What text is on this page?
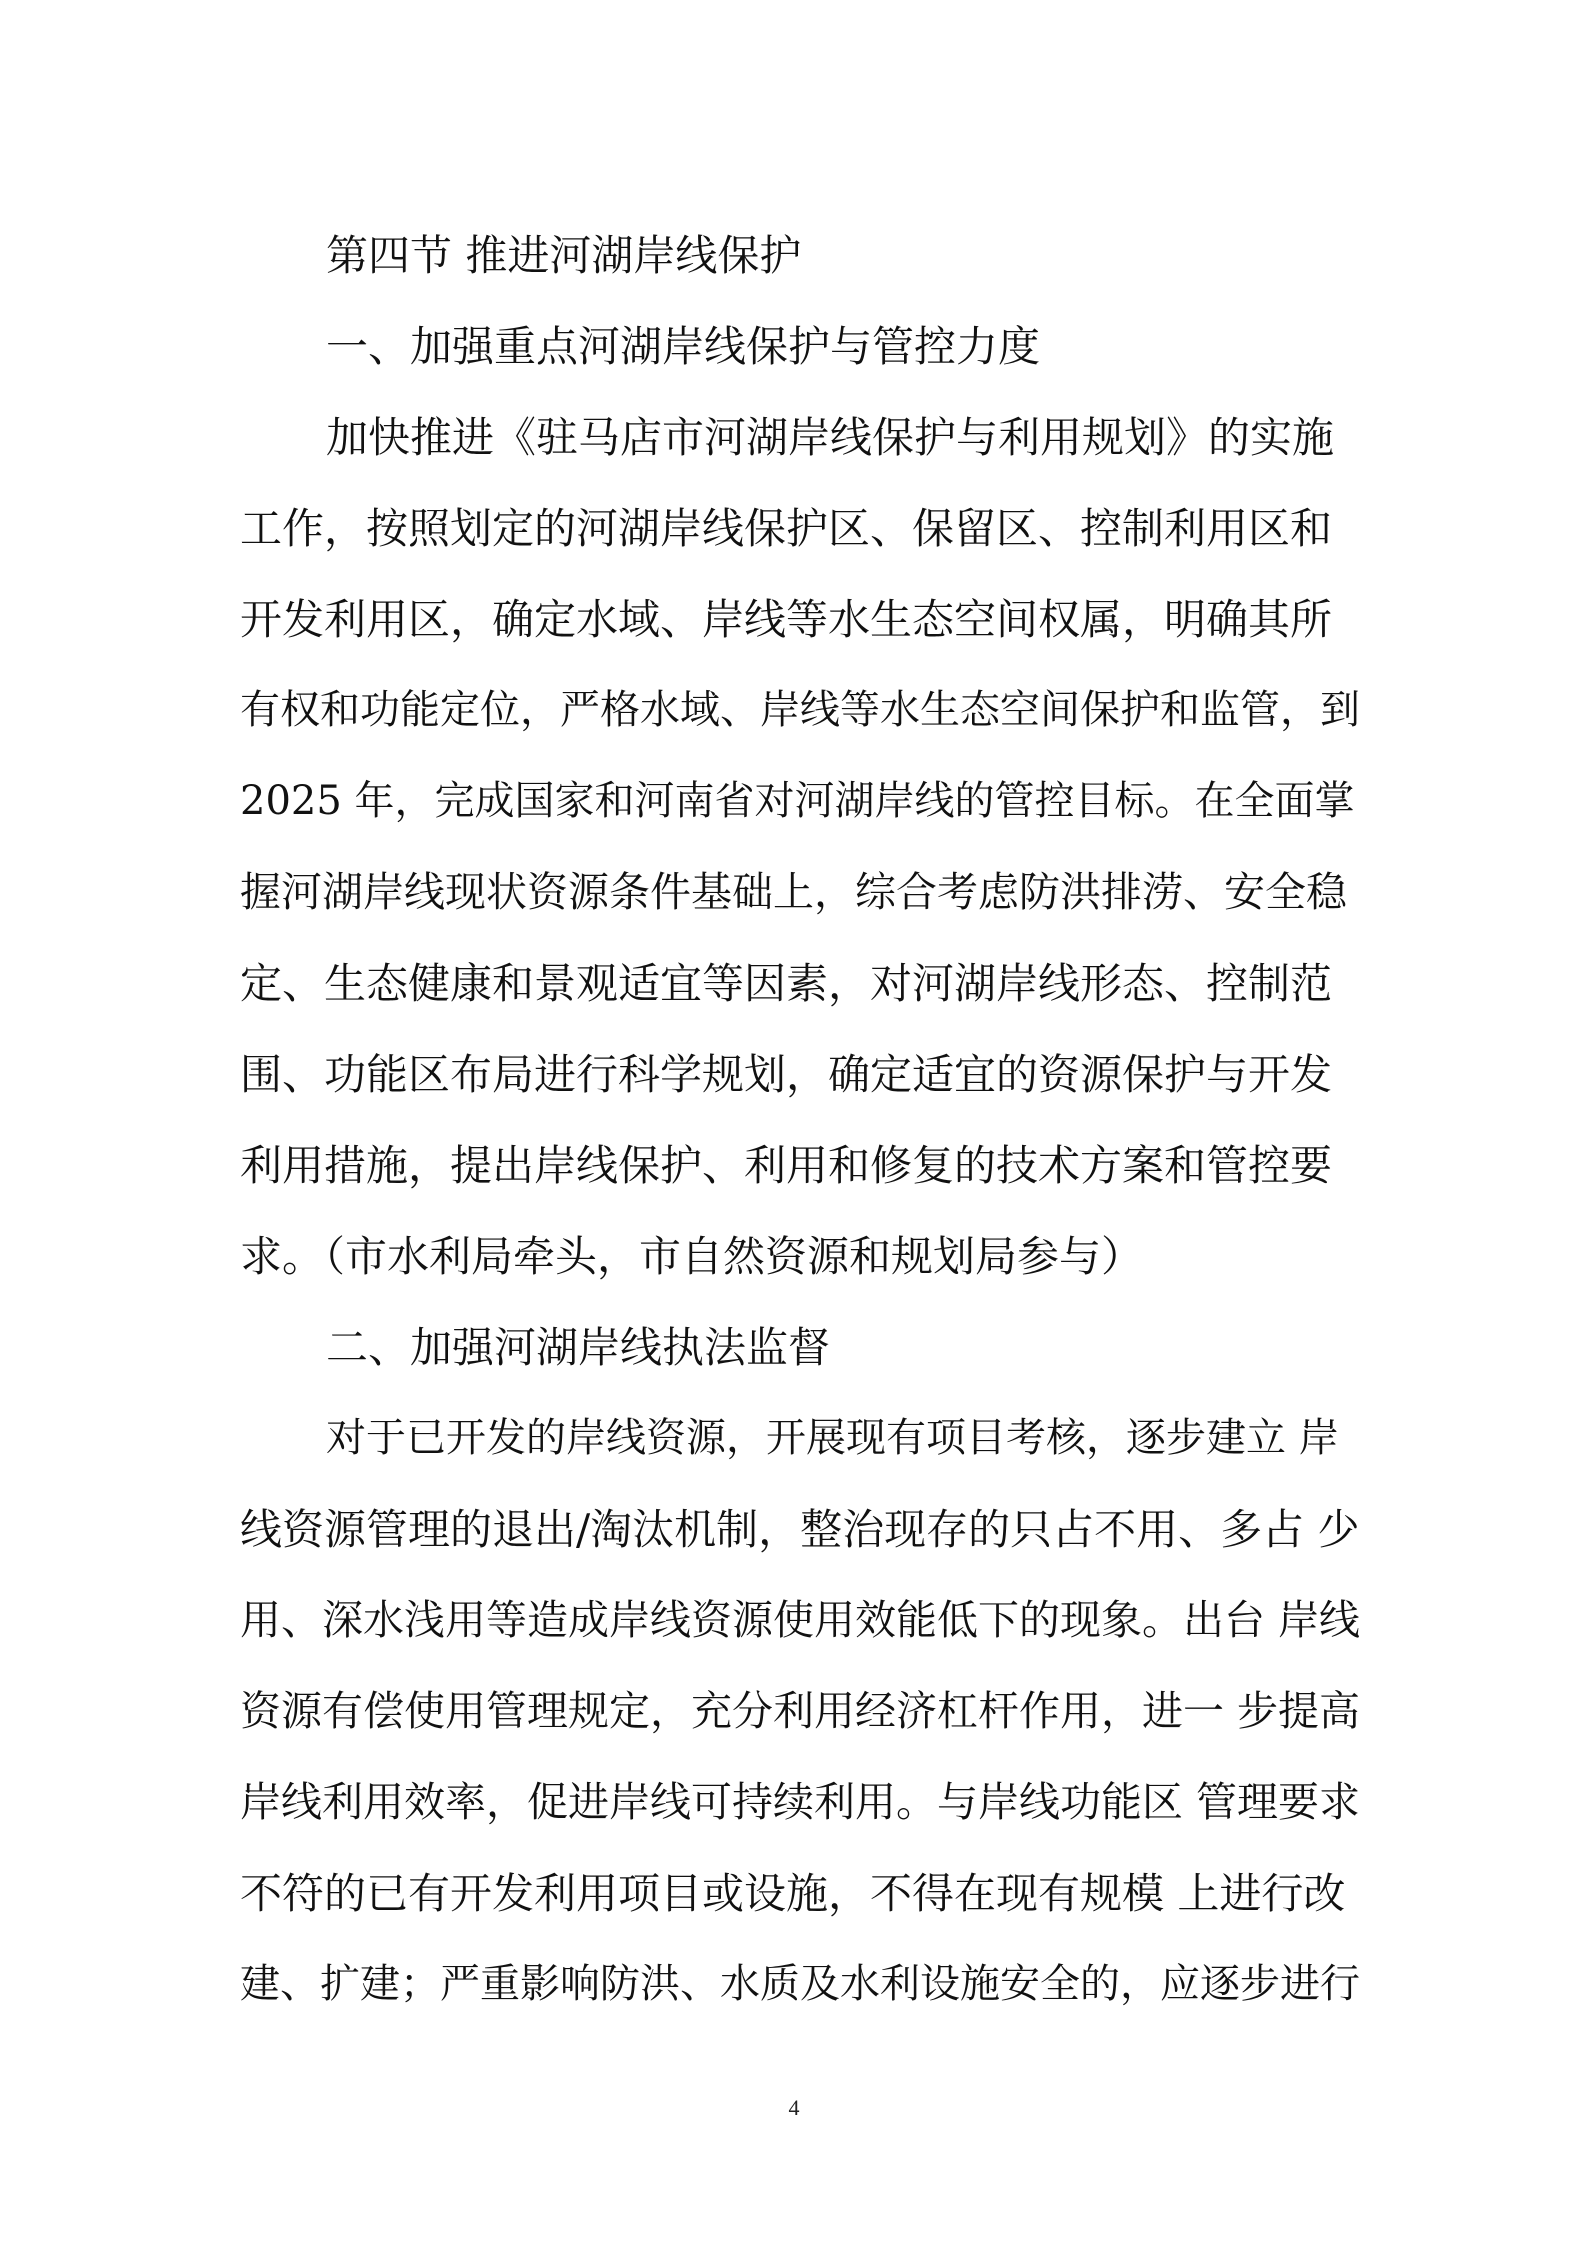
第四节 推进河湖岸线保护
一、加强重点河湖岸线保护与管控力度
加快推进《驻马店市河湖岸线保护与利用规划》的实施
工作，按照划定的河湖岸线保护区、保留区、控制利用区和
开发利用区，确定水域、岸线等水生态空间权属，明确其所
有权和功能定位，严格水域、岸线等水生态空间保护和监管，到
2025 年，完成国家和河南省对河湖岸线的管控目标。在全面掌
握河湖岸线现状资源条件基础上，综合考虑防洪排涝、安全稳
定、生态健康和景观适宜等因素，对河湖岸线形态、控制范
围、功能区布局进行科学规划，确定适宜的资源保护与开发
利用措施，提出岸线保护、利用和修复的技术方案和管控要
求。（市水利局牵头，市自然资源和规划局参与）
二、加强河湖岸线执法监督
对于已开发的岸线资源，开展现有项目考核，逐步建立 岸
线资源管理的退出/淘汰机制，整治现存的只占不用、多占 少
用、深水浅用等造成岸线资源使用效能低下的现象。出台 岸线
资源有偿使用管理规定，充分利用经济杠杆作用，进一 步提高
岸线利用效率，促进岸线可持续利用。与岸线功能区 管理要求
不符的已有开发利用项目或设施，不得在现有规模 上进行改
建、扩建；严重影响防洪、水质及水利设施安全的，应逐步进行
4
